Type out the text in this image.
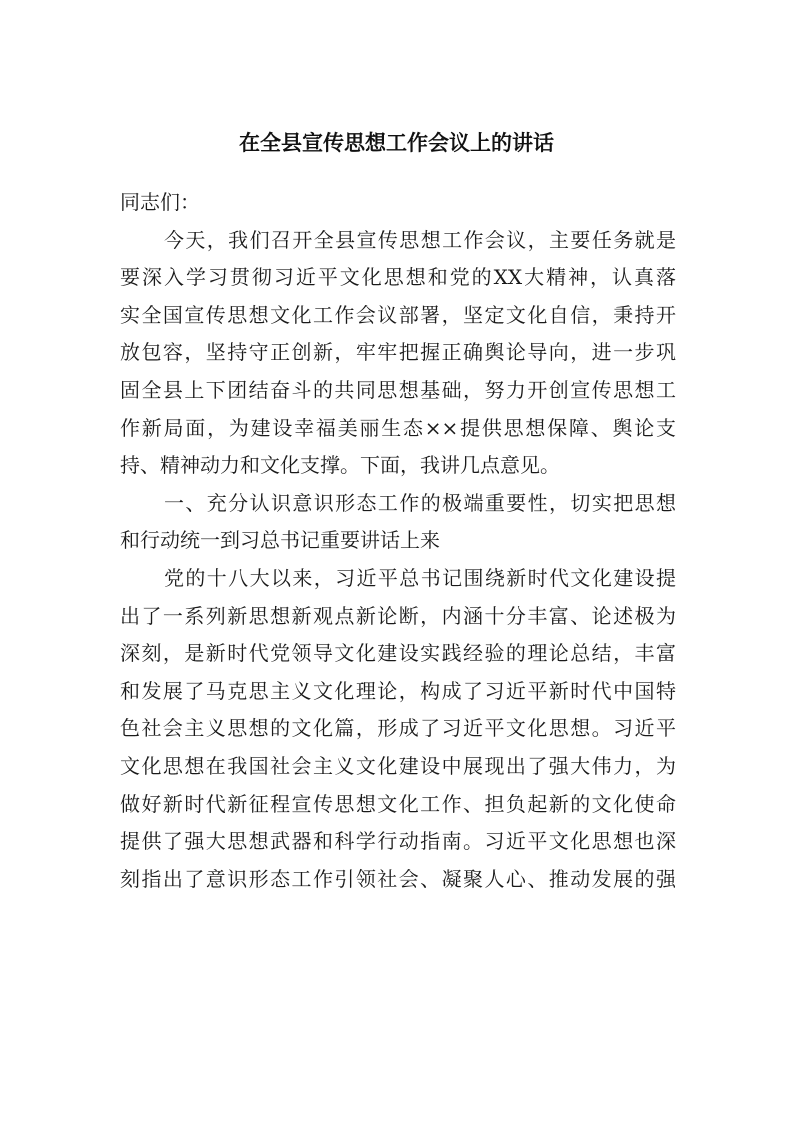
在全县宣传思想工作会议上的讲话

同志们：

今天，我们召开全县宣传思想工作会议，主要任务就是

要深入学习贯彻习近平文化思想和党的XX大精神，认真落

实全国宣传思想文化工作会议部署，坚定文化自信，秉持开

放包容，坚持守正创新，牢牢把握正确舆论导向，进一步巩

固全县上下团结奋斗的共同思想基础，努力开创宣传思想工

作新局面，为建设幸福美丽生态××提供思想保障、舆论支

持、精神动力和文化支撑。下面，我讲几点意见。

一、充分认识意识形态工作的极端重要性，切实把思想

和行动统一到习总书记重要讲话上来

党的十八大以来，习近平总书记围绕新时代文化建设提

出了一系列新思想新观点新论断，内涵十分丰富、论述极为

深刻，是新时代党领导文化建设实践经验的理论总结，丰富

和发展了马克思主义文化理论，构成了习近平新时代中国特

色社会主义思想的文化篇，形成了习近平文化思想。习近平

文化思想在我国社会主义文化建设中展现出了强大伟力，为

做好新时代新征程宣传思想文化工作、担负起新的文化使命

提供了强大思想武器和科学行动指南。习近平文化思想也深

刻指出了意识形态工作引领社会、凝聚人心、推动发展的强
